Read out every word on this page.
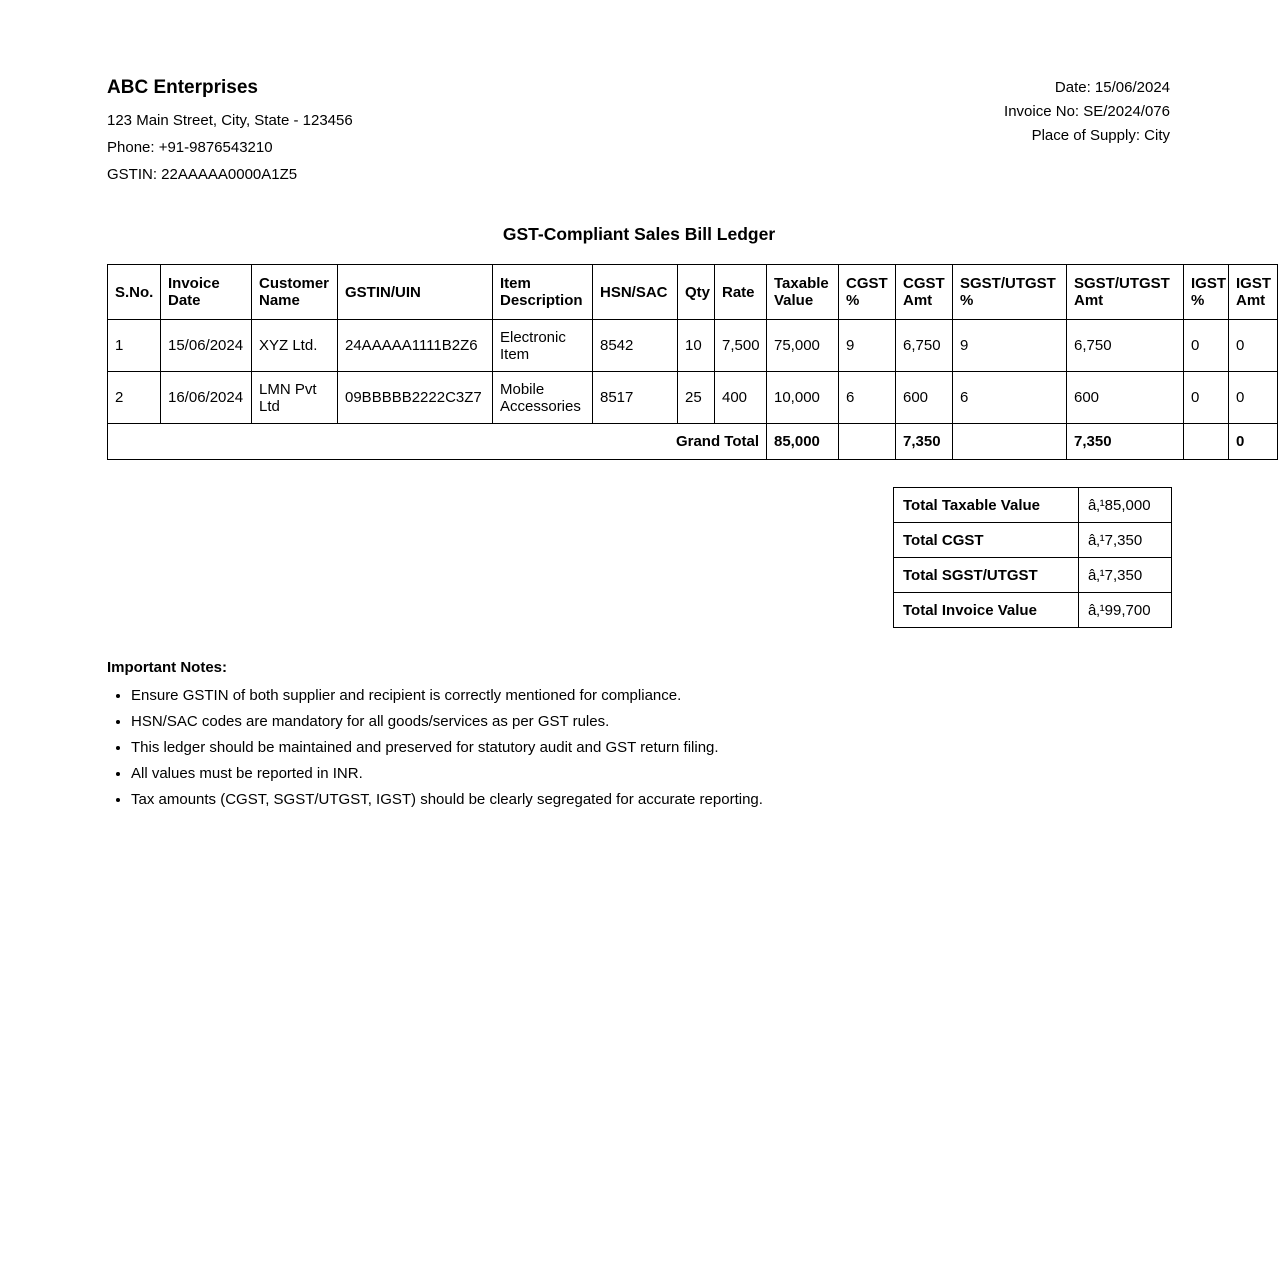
ABC Enterprises
123 Main Street, City, State - 123456
Phone: +91-9876543210
GSTIN: 22AAAAA0000A1Z5
Date: 15/06/2024
Invoice No: SE/2024/076
Place of Supply: City
GST-Compliant Sales Bill Ledger
S.No.	Invoice Date	Customer Name	GSTIN/UIN	Item Description	HSN/SAC	Qty	Rate	Taxable Value	CGST %	CGST Amt	SGST/UTGST %	SGST/UTGST Amt	IGST %	IGST Amt
1	15/06/2024	XYZ Ltd.	24AAAAA1111B2Z6	Electronic Item	8542	10	7,500	75,000	9	6,750	9	6,750	0	0
2	16/06/2024	LMN Pvt Ltd	09BBBBB2222C3Z7	Mobile Accessories	8517	25	400	10,000	6	600	6	600	0	0
Grand Total								85,000		7,350		7,350		0
Total Taxable Value	â‚¹85,000
Total CGST	â‚¹7,350
Total SGST/UTGST	â‚¹7,350
Total Invoice Value	â‚¹99,700
Important Notes:
• Ensure GSTIN of both supplier and recipient is correctly mentioned for compliance.
• HSN/SAC codes are mandatory for all goods/services as per GST rules.
• This ledger should be maintained and preserved for statutory audit and GST return filing.
• All values must be reported in INR.
• Tax amounts (CGST, SGST/UTGST, IGST) should be clearly segregated for accurate reporting.
